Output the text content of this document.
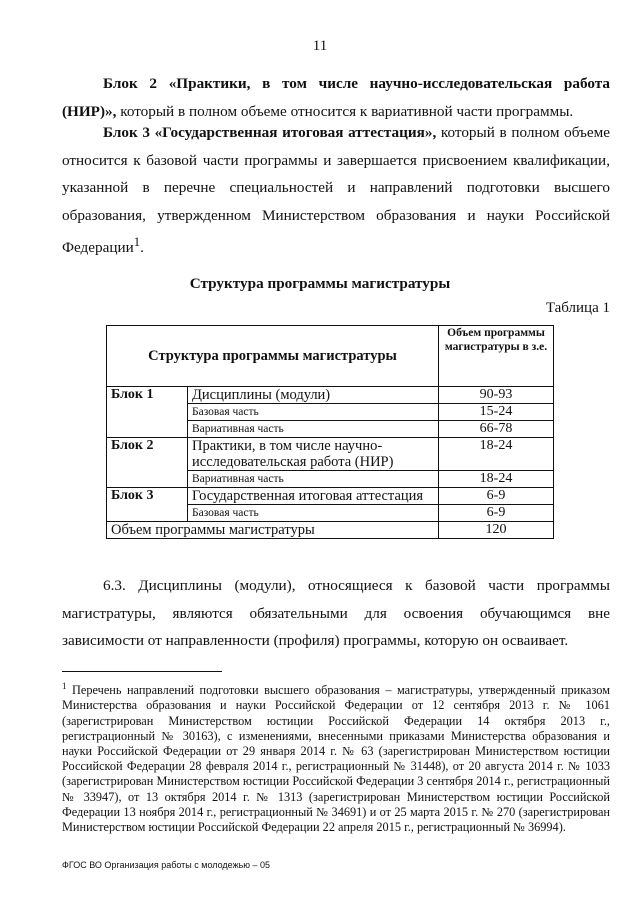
11
Блок 2 «Практики, в том числе научно-исследовательская работа (НИР)», который в полном объеме относится к вариативной части программы.
Блок 3 «Государственная итоговая аттестация», который в полном объеме относится к базовой части программы и завершается присвоением квалификации, указанной в перечне специальностей и направлений подготовки высшего образования, утвержденном Министерством образования и науки Российской Федерации$^1$.
Структура программы магистратуры
Таблица 1
Структура программы магистратуры		Объем программы магистратуры в з.е.
Блок 1	Дисциплины (модули)	90-93
	Базовая часть	15-24
	Вариативная часть	66-78
Блок 2	Практики, в том числе научно-исследовательская работа (НИР)	18-24
	Вариативная часть	18-24
Блок 3	Государственная итоговая аттестация	6-9
	Базовая часть	6-9
Объем программы магистратуры		120
6.3. Дисциплины (модули), относящиеся к базовой части программы магистратуры, являются обязательными для освоения обучающимся вне зависимости от направленности (профиля) программы, которую он осваивает.
$^1$ Перечень направлений подготовки высшего образования – магистратуры, утвержденный приказом Министерства образования и науки Российской Федерации от 12 сентября 2013 г. № 1061 (зарегистрирован Министерством юстиции Российской Федерации 14 октября 2013 г., регистрационный № 30163), с изменениями, внесенными приказами Министерства образования и науки Российской Федерации от 29 января 2014 г. № 63 (зарегистрирован Министерством юстиции Российской Федерации 28 февраля 2014 г., регистрационный № 31448), от 20 августа 2014 г. № 1033 (зарегистрирован Министерством юстиции Российской Федерации 3 сентября 2014 г., регистрационный № 33947), от 13 октября 2014 г. № 1313 (зарегистрирован Министерством юстиции Российской Федерации 13 ноября 2014 г., регистрационный № 34691) и от 25 марта 2015 г. № 270 (зарегистрирован Министерством юстиции Российской Федерации 22 апреля 2015 г., регистрационный № 36994).
ФГОС ВО Организация работы с молодежью – 05
